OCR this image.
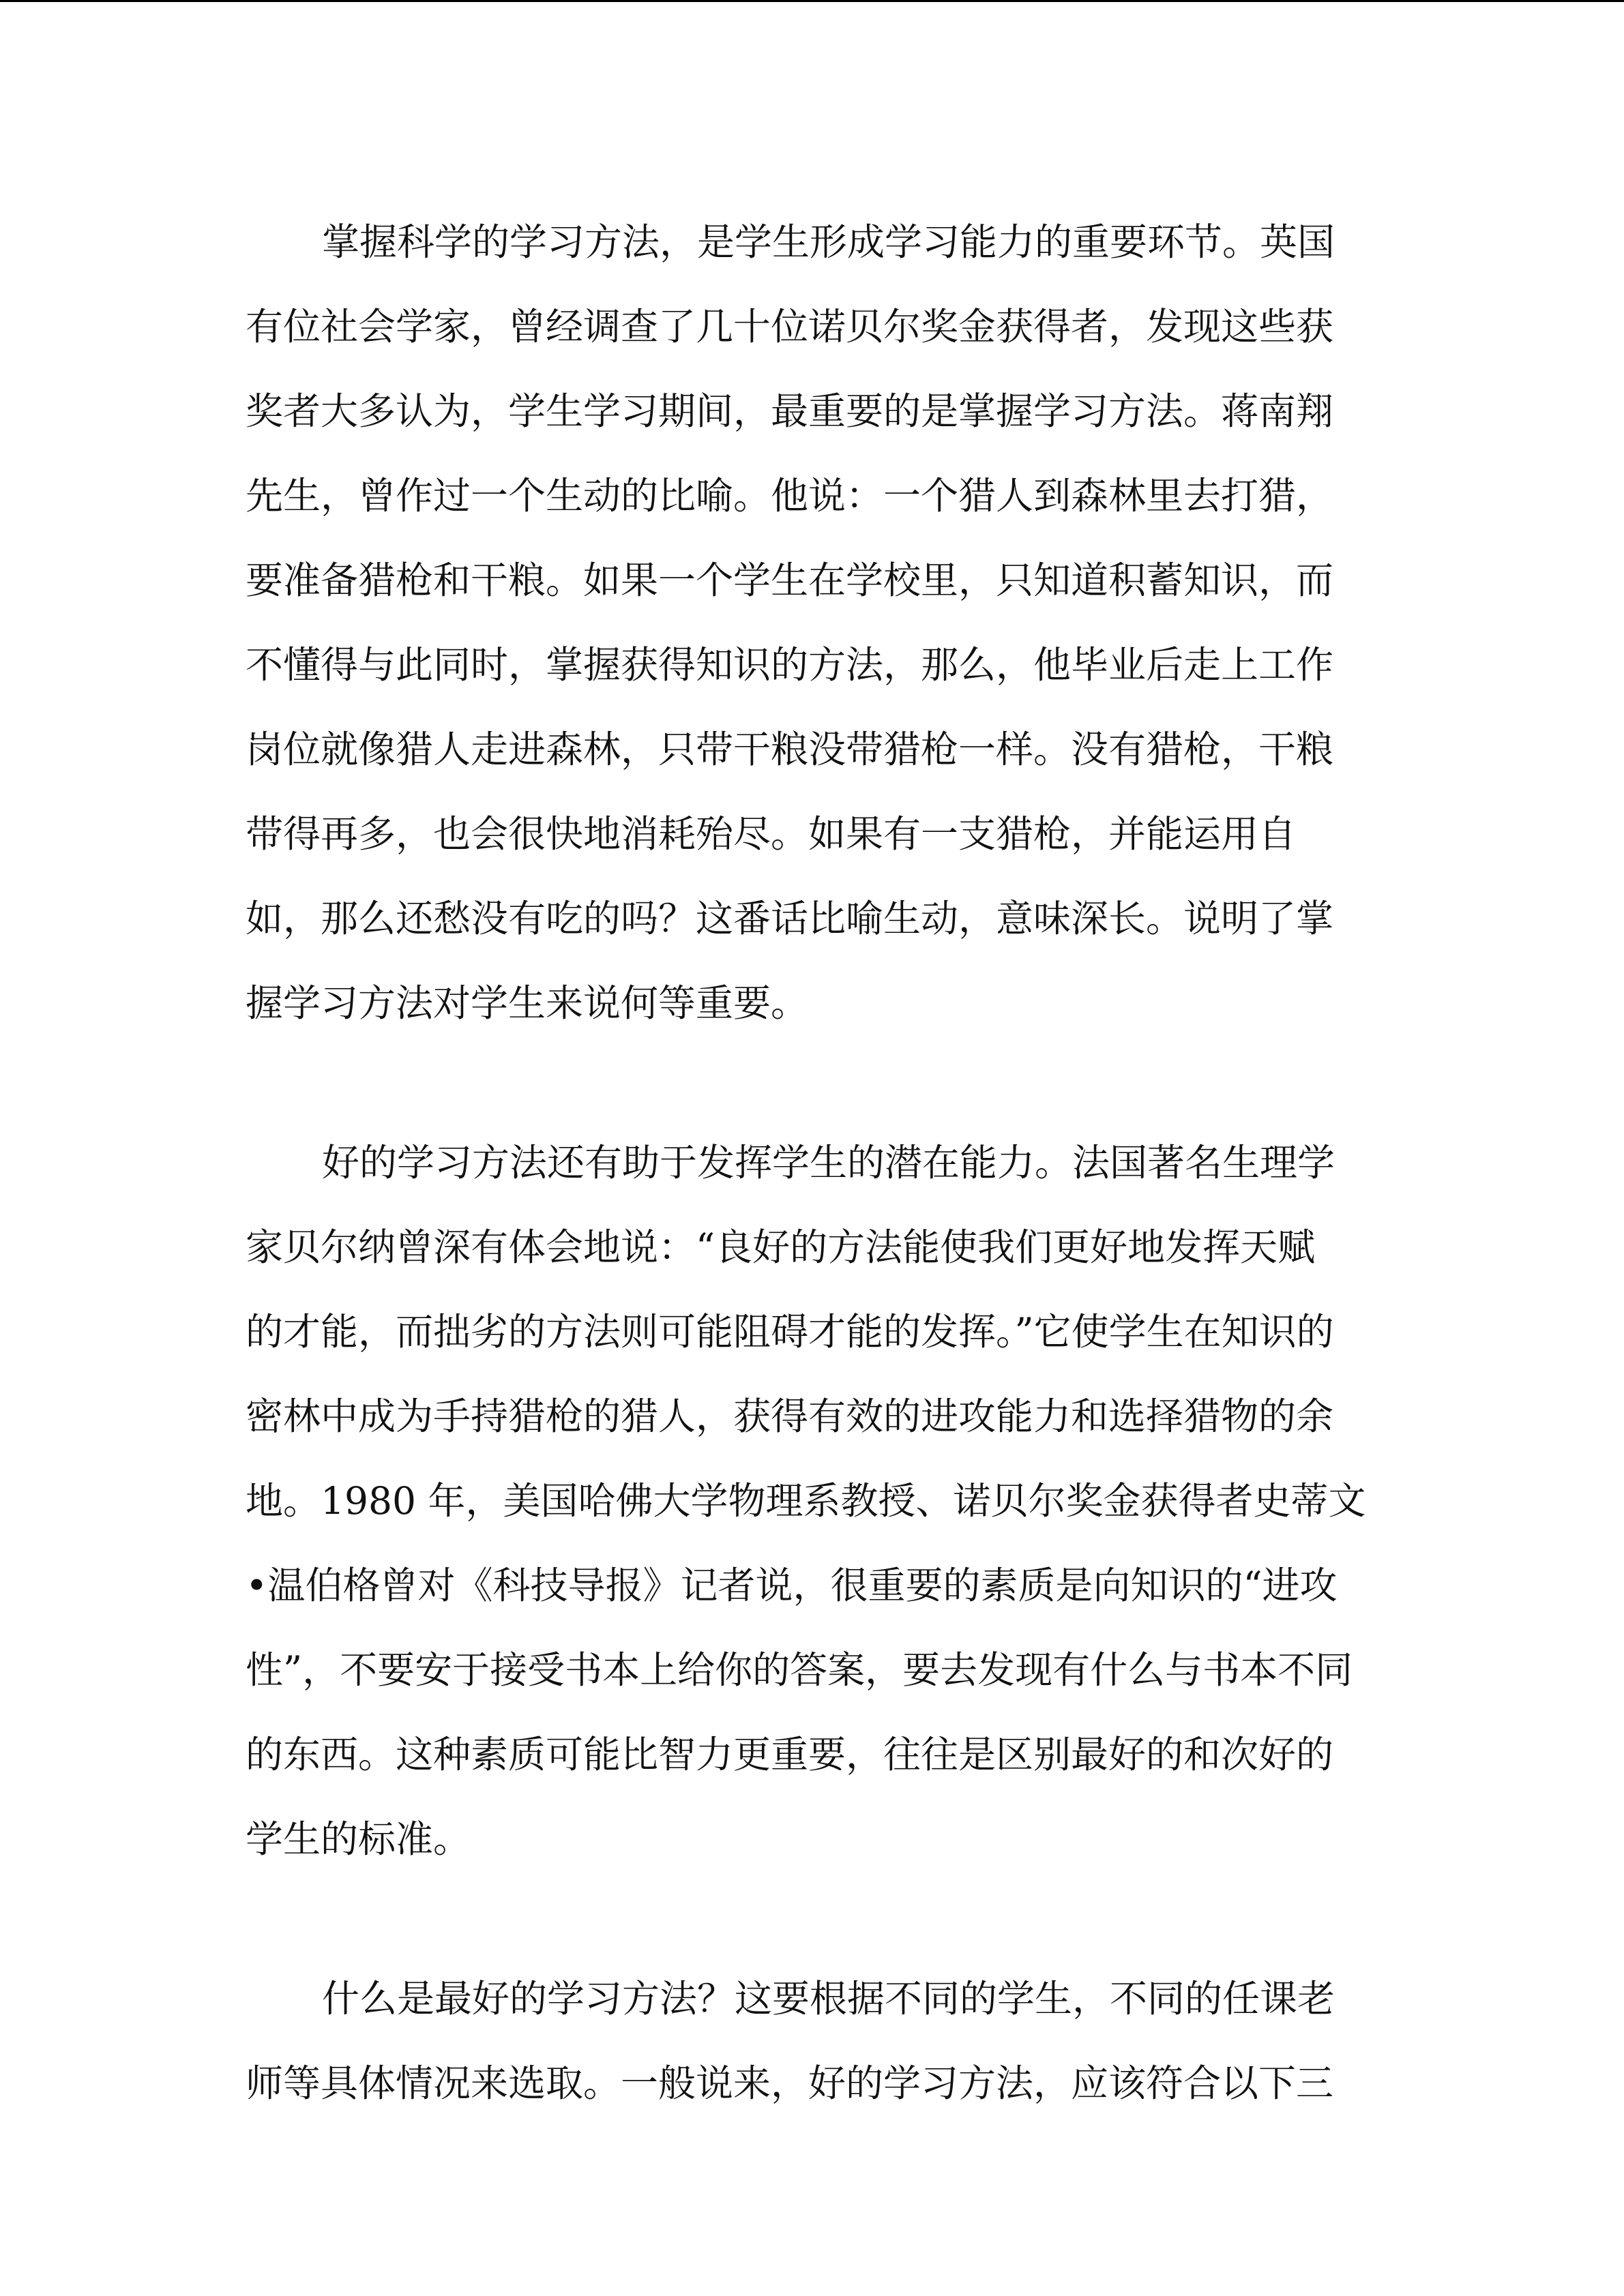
掌握科学的学习方法，是学生形成学习能力的重要环节。英国
有位社会学家，曾经调查了几十位诺贝尔奖金获得者，发现这些获
奖者大多认为，学生学习期间，最重要的是掌握学习方法。蒋南翔
先生，曾作过一个生动的比喻。他说：一个猎人到森林里去打猎，
要准备猎枪和干粮。如果一个学生在学校里，只知道积蓄知识，而
不懂得与此同时，掌握获得知识的方法，那么，他毕业后走上工作
岗位就像猎人走进森林，只带干粮没带猎枪一样。没有猎枪，干粮
带得再多，也会很快地消耗殆尽。如果有一支猎枪，并能运用自
如，那么还愁没有吃的吗？这番话比喻生动，意味深长。说明了掌
握学习方法对学生来说何等重要。
好的学习方法还有助于发挥学生的潜在能力。法国著名生理学
家贝尔纳曾深有体会地说：“良好的方法能使我们更好地发挥天赋
的才能，而拙劣的方法则可能阻碍才能的发挥。”它使学生在知识的
密林中成为手持猎枪的猎人，获得有效的进攻能力和选择猎物的余
地。1980 年，美国哈佛大学物理系教授、诺贝尔奖金获得者史蒂文
•温伯格曾对《科技导报》记者说，很重要的素质是向知识的“进攻
性”，不要安于接受书本上给你的答案，要去发现有什么与书本不同
的东西。这种素质可能比智力更重要，往往是区别最好的和次好的
学生的标准。
什么是最好的学习方法？这要根据不同的学生，不同的任课老
师等具体情况来选取。一般说来，好的学习方法，应该符合以下三
